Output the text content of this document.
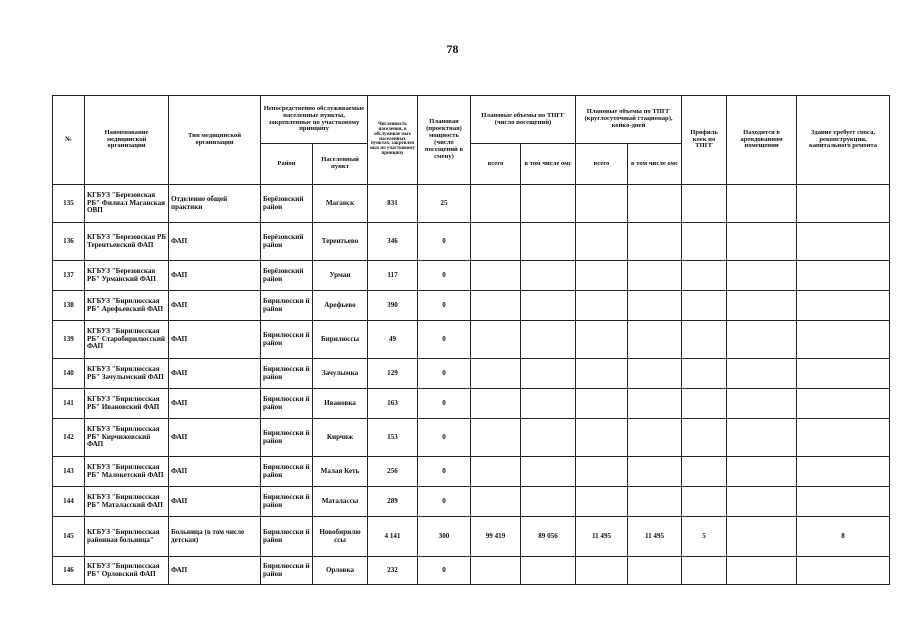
78
№	Наименование медицинской организации	Тип медицинской организации	Непосредственно обслуживаемые населенные пункты, закрепленные по участковому принципу		Численность населения, в обслуживае мых населенных пунктах, закреплен ных по участковому принципу	Плановая (проектная) мощность (число посещений в смену)	Плановые объемы по ТПГГ (число посещений)		Плановые объемы по ТПГГ (круглосуточный стационар), койко-дней		Профиль коек по ТПГГ	Находится в арендованном помещении	Здание требует сноса, реконструкции, капитального ремонта
			Район	Населенный пункт			всего	в том числе омс	всего	в том числе омс			
135	КГБУЗ "Березовская РБ" Филиал Маганская ОВП	Отделение общей практики	Берёзовский район	Маганск	831	25							
136	КГБУЗ "Березовская РБ Терентьевский ФАП	ФАП	Берёзовский район	Терентьево	346	0							
137	КГБУЗ "Березовская РБ" Урманский ФАП	ФАП	Берёзовский район	Урман	117	0							
138	КГБУЗ "Бирилюсская РБ" Арефьевский ФАП	ФАП	Бирилюсски й район	Арефьево	390	0							
139	КГБУЗ "Бирилюсская РБ" Старобирилюсский ФАП	ФАП	Бирилюсски й район	Бирилюссы	49	0							
140	КГБУЗ "Бирилюсская РБ" Зачулымский ФАП	ФАП	Бирилюсски й район	Зачулымка	129	0							
141	КГБУЗ "Бирилюсская РБ" Ивановский ФАП	ФАП	Бирилюсски й район	Ивановка	163	0							
142	КГБУЗ "Бирилюсская РБ" Кирчижевский ФАП	ФАП	Бирилюсски й район	Кирчиж	153	0							
143	КГБУЗ "Бирилюсская РБ" Малокетский ФАП	ФАП	Бирилюсски й район	Малая Кеть	256	0							
144	КГБУЗ "Бирилюсская РБ" Маталасский ФАП	ФАП	Бирилюсски й район	Маталассы	289	0							
145	КГБУЗ "Бирилюсская районная больница"	Больница (в том числе детская)	Бирилюсски й район	Новобирилю ссы	4 141	300	99 419	89 056	11 495	11 495	5		8
146	КГБУЗ "Бирилюсская РБ" Орловский ФАП	ФАП	Бирилюсски й район	Орловка	232	0							
